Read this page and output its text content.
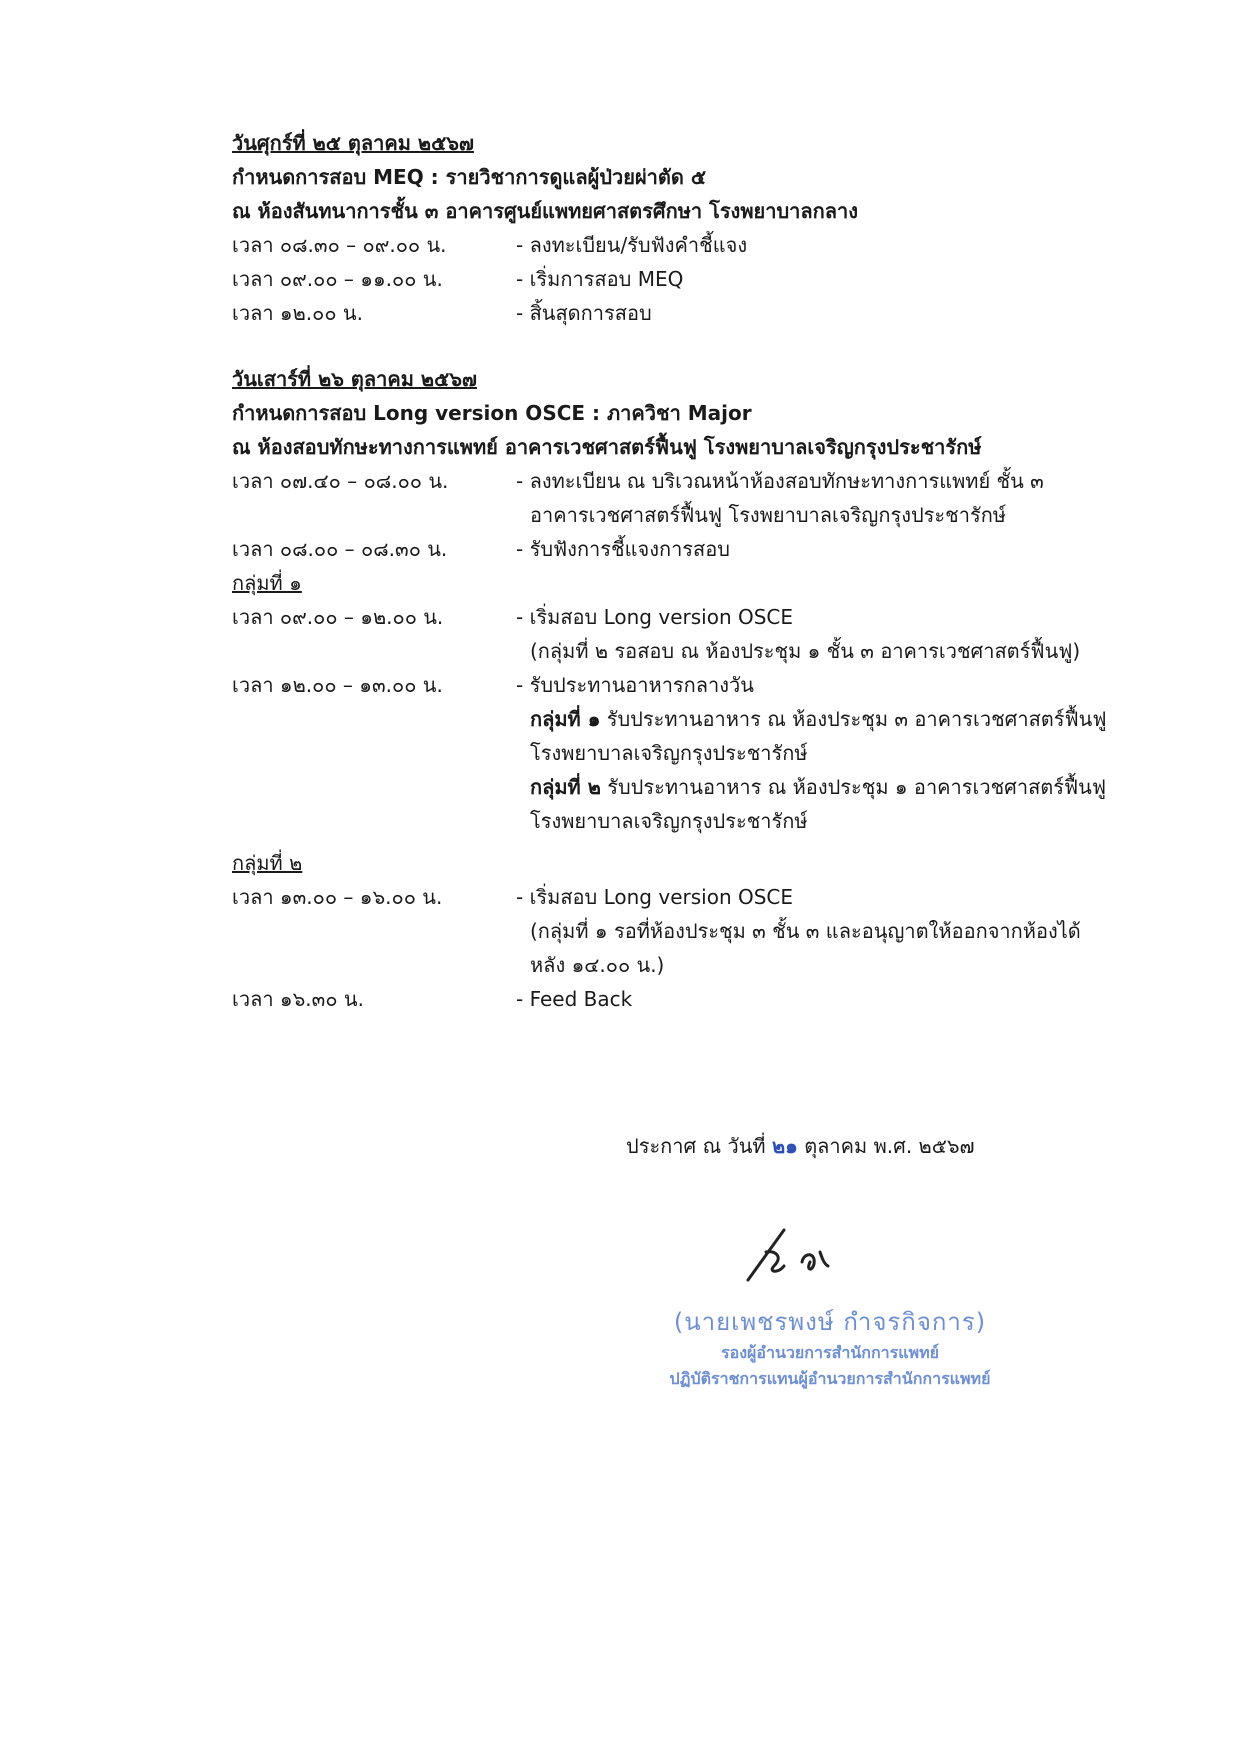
วันศุกร์ที่ ๒๕ ตุลาคม ๒๕๖๗
กำหนดการสอบ MEQ : รายวิชาการดูแลผู้ป่วยผ่าตัด ๕
ณ ห้องสันทนาการชั้น ๓ อาคารศูนย์แพทยศาสตรศึกษา โรงพยาบาลกลาง
เวลา ๐๘.๓๐ – ๐๙.๐๐ น.	- ลงทะเบียน/รับฟังคำชี้แจง
เวลา ๐๙.๐๐ – ๑๑.๐๐ น.	- เริ่มการสอบ MEQ
เวลา ๑๒.๐๐ น.	- สิ้นสุดการสอบ
วันเสาร์ที่ ๒๖ ตุลาคม ๒๕๖๗
กำหนดการสอบ Long version OSCE : ภาควิชา Major
ณ ห้องสอบทักษะทางการแพทย์ อาคารเวชศาสตร์ฟื้นฟู โรงพยาบาลเจริญกรุงประชารักษ์
เวลา ๐๗.๔๐ – ๐๘.๐๐ น.	- ลงทะเบียน ณ บริเวณหน้าห้องสอบทักษะทางการแพทย์ ชั้น ๓
อาคารเวชศาสตร์ฟื้นฟู โรงพยาบาลเจริญกรุงประชารักษ์
เวลา ๐๘.๐๐ – ๐๘.๓๐ น.	- รับฟังการชี้แจงการสอบ
กลุ่มที่ ๑
เวลา ๐๙.๐๐ – ๑๒.๐๐ น.	- เริ่มสอบ Long version OSCE
(กลุ่มที่ ๒ รอสอบ ณ ห้องประชุม ๑ ชั้น ๓ อาคารเวชศาสตร์ฟื้นฟู)
เวลา ๑๒.๐๐ – ๑๓.๐๐ น.	- รับประทานอาหารกลางวัน
กลุ่มที่ ๑ รับประทานอาหาร ณ ห้องประชุม ๓ อาคารเวชศาสตร์ฟื้นฟู
โรงพยาบาลเจริญกรุงประชารักษ์
กลุ่มที่ ๒ รับประทานอาหาร ณ ห้องประชุม ๑ อาคารเวชศาสตร์ฟื้นฟู
โรงพยาบาลเจริญกรุงประชารักษ์
กลุ่มที่ ๒
เวลา ๑๓.๐๐ – ๑๖.๐๐ น.	- เริ่มสอบ Long version OSCE
(กลุ่มที่ ๑ รอที่ห้องประชุม ๓ ชั้น ๓ และอนุญาตให้ออกจากห้องได้
หลัง ๑๔.๐๐ น.)
เวลา ๑๖.๓๐ น.	- Feed Back
ประกาศ ณ วันที่ ๒๑ ตุลาคม พ.ศ. ๒๕๖๗
(นายเพชรพงษ์ กำจรกิจการ)
รองผู้อำนวยการสำนักการแพทย์
ปฏิบัติราชการแทนผู้อำนวยการสำนักการแพทย์
